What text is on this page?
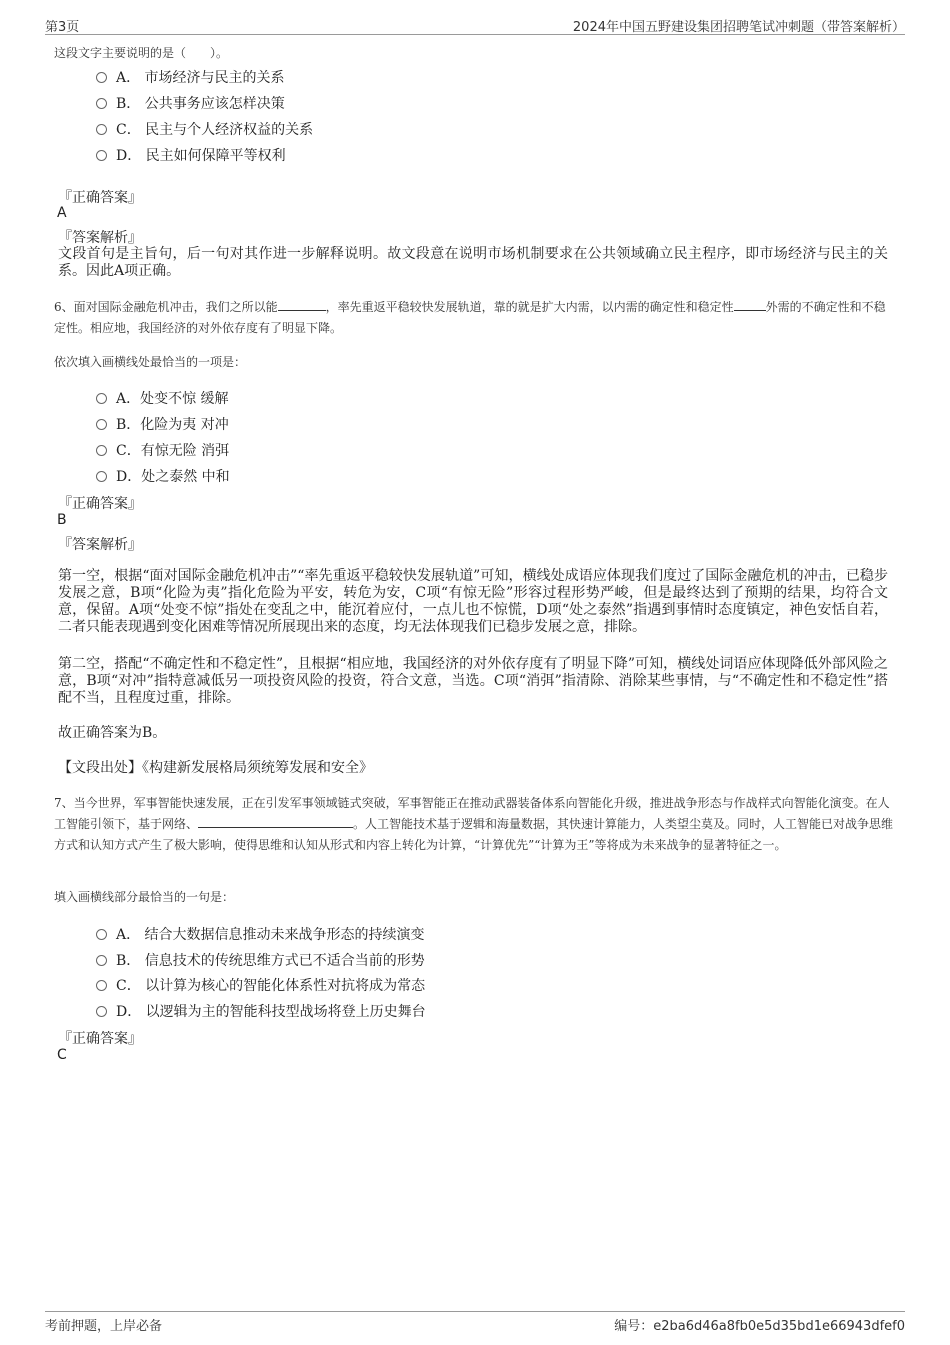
第3页	2024年中国五野建设集团招聘笔试冲刺题（带答案解析）
这段文字主要说明的是（　　）。
A． 市场经济与民主的关系
B． 公共事务应该怎样决策
C． 民主与个人经济权益的关系
D． 民主如何保障平等权利
『正确答案』
A
『答案解析』
文段首句是主旨句，后一句对其作进一步解释说明。故文段意在说明市场机制要求在公共领域确立民主程序，即市场经济与民主的关系。因此A项正确。
6、面对国际金融危机冲击，我们之所以能	，率先重返平稳较快发展轨道，靠的就是扩大内需，以内需的确定性和稳定性	外需的不确定性和不稳定性。相应地，我国经济的对外依存度有了明显下降。
依次填入画横线处最恰当的一项是：
A．处变不惊 缓解
B．化险为夷 对冲
C．有惊无险 消弭
D．处之泰然 中和
『正确答案』
B
『答案解析』
第一空，根据“面对国际金融危机冲击”“率先重返平稳较快发展轨道”可知，横线处成语应体现我们度过了国际金融危机的冲击，已稳步发展之意，B项“化险为夷”指化危险为平安，转危为安，C项“有惊无险”形容过程形势严峻，但是最终达到了预期的结果，均符合文意，保留。A项“处变不惊”指处在变乱之中，能沉着应付，一点儿也不惊慌，D项“处之泰然”指遇到事情时态度镇定，神色安恬自若，二者只能表现遇到变化困难等情况所展现出来的态度，均无法体现我们已稳步发展之意，排除。
第二空，搭配“不确定性和不稳定性”，且根据“相应地，我国经济的对外依存度有了明显下降”可知，横线处词语应体现降低外部风险之意，B项“对冲”指特意减低另一项投资风险的投资，符合文意，当选。C项“消弭”指清除、消除某些事情，与“不确定性和不稳定性”搭配不当，且程度过重，排除。
故正确答案为B。
【文段出处】《构建新发展格局须统筹发展和安全》
7、当今世界，军事智能快速发展，正在引发军事领域链式突破，军事智能正在推动武器装备体系向智能化升级，推进战争形态与作战样式向智能化演变。在人工智能引领下，基于网络、	。人工智能技术基于逻辑和海量数据，其快速计算能力，人类望尘莫及。同时，人工智能已对战争思维方式和认知方式产生了极大影响，使得思维和认知从形式和内容上转化为计算，“计算优先”“计算为王”等将成为未来战争的显著特征之一。
填入画横线部分最恰当的一句是：
A． 结合大数据信息推动未来战争形态的持续演变
B． 信息技术的传统思维方式已不适合当前的形势
C． 以计算为核心的智能化体系性对抗将成为常态
D． 以逻辑为主的智能科技型战场将登上历史舞台
『正确答案』
C
考前押题，上岸必备	编号：e2ba6d46a8fb0e5d35bd1e66943dfef0
